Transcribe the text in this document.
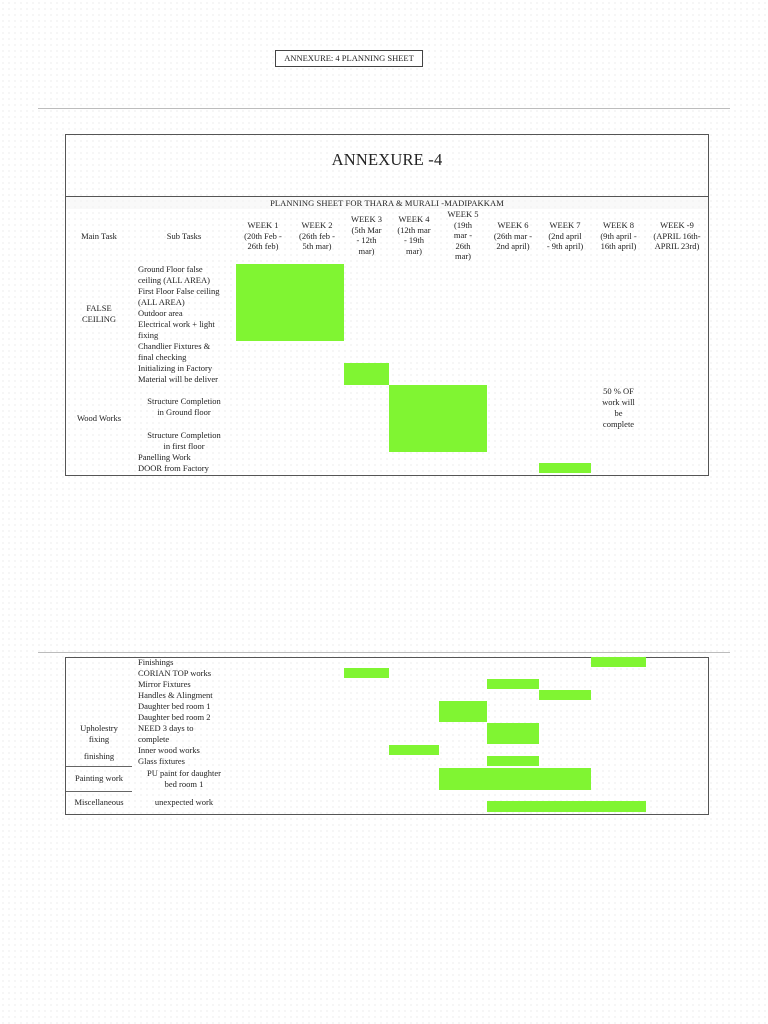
ANNEXURE: 4 PLANNING SHEET
ANNEXURE -4
PLANNING SHEET FOR THARA & MURALI -MADIPAKKAM
Main Task	Sub Tasks
WEEK 1
(20th Feb -
26th feb)
WEEK 2
(26th feb -
5th mar)
WEEK 3
(5th Mar
- 12th
mar)
WEEK 4
(12th mar
- 19th
mar)
WEEK 5
(19th
mar -
26th
mar)
WEEK 6
(26th mar -
2nd april)
WEEK 7
(2nd april
- 9th april)
WEEK 8
(9th april -
16th april)
WEEK -9
(APRIL 16th-
APRIL 23rd)
FALSE
CEILING
Wood Works
Ground Floor false
ceiling (ALL AREA)
First Floor False ceiling
(ALL AREA)
Outdoor area
Electrical work + light
fixing
Chandlier Fixtures &
final checking
Initializing in Factory
Material will be deliver
Structure Completion
in Ground floor
Structure Completion
in first floor
Panelling Work
DOOR from Factory
50 % OF
work will
be
complete
Upholestry
fixing
finishing
Painting work
Miscellaneous
Finishings
CORIAN TOP works
Mirror Fixtures
Handles & Alingment
Daughter bed room 1
Daughter bed room 2
NEED 3 days to
complete
Inner wood works
Glass fixtures
PU paint for daughter
bed room 1
unexpected work
